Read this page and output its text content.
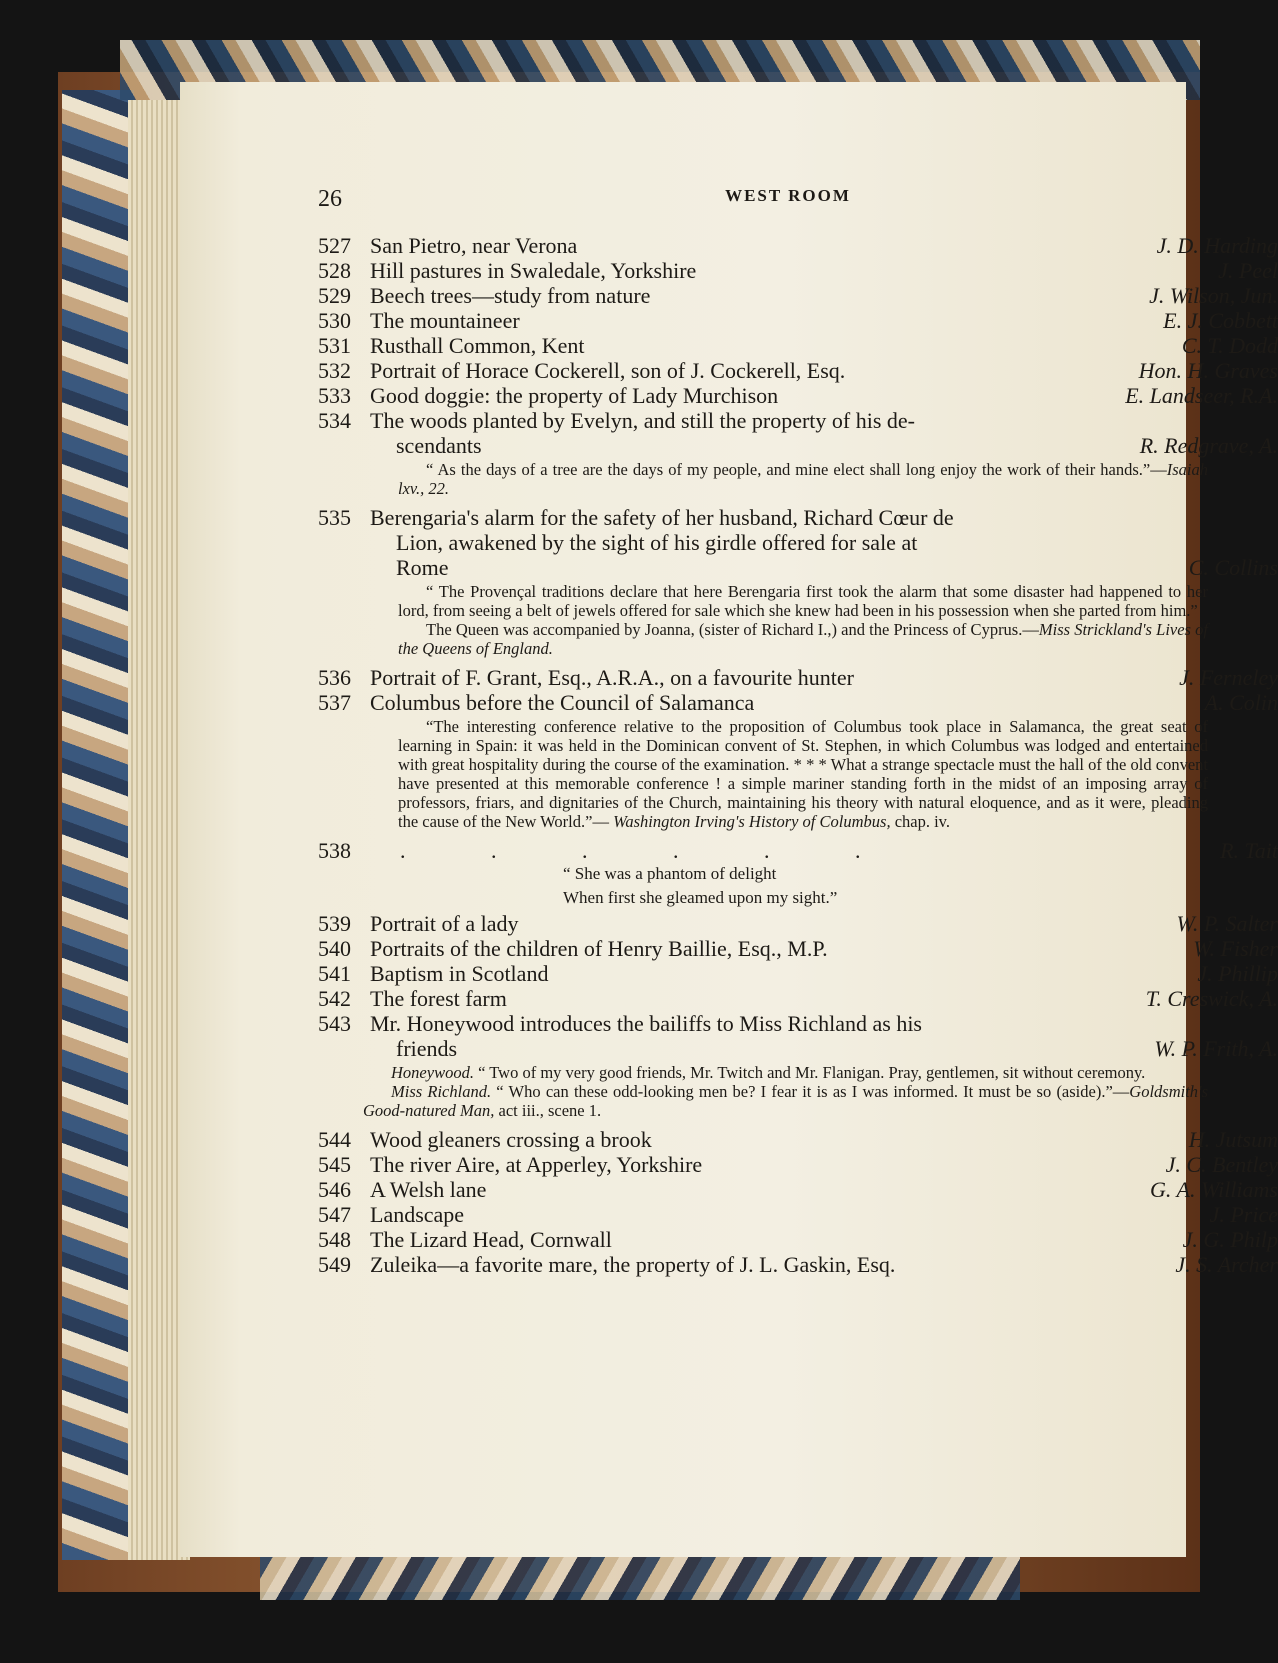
26	WEST ROOM
527 San Pietro, near Verona	J. D. Harding
528 Hill pastures in Swaledale, Yorkshire	J. Peel
529 Beech trees—study from nature	J. Wilson, Jun.
530 The mountaineer	E. J. Cobbett
531 Rusthall Common, Kent	C. T. Dodd
532 Portrait of Horace Cockerell, son of J. Cockerell, Esq.	Hon. H. Graves
533 Good doggie: the property of Lady Murchison	E. Landseer, R.A.
534 The woods planted by Evelyn, and still the property of his de-
scendants	R. Redgrave, A.

“ As the days of a tree are the days of my people, and mine elect shall long enjoy the work of their hands.”—Isaiah lxv., 22.

535 Berengaria's alarm for the safety of her husband, Richard Cœur de
Lion, awakened by the sight of his girdle offered for sale at
Rome	C. Collins

“ The Provençal traditions declare that here Berengaria first took the alarm that some disaster had happened to her lord, from seeing a belt of jewels offered for sale which she knew had been in his possession when she parted from him.”

The Queen was accompanied by Joanna, (sister of Richard I.,) and the Princess of Cyprus.—Miss Strickland's Lives of the Queens of England.

536 Portrait of F. Grant, Esq., A.R.A., on a favourite hunter	J. Ferneley
537 Columbus before the Council of Salamanca	A. Colin

“The interesting conference relative to the proposition of Columbus took place in Salamanca, the great seat of learning in Spain: it was held in the Dominican convent of St. Stephen, in which Columbus was lodged and entertained with great hospitality during the course of the examination. * * * What a strange spectacle must the hall of the old convent have presented at this memorable conference ! a simple mariner standing forth in the midst of an imposing array of professors, friars, and dignitaries of the Church, maintaining his theory with natural eloquence, and as it were, pleading the cause of the New World.”— Washington Irving's History of Columbus, chap. iv.

538 . . . . . .	R. Tait
“ She was a phantom of delight
When first she gleamed upon my sight.”
539 Portrait of a lady	W. P. Salter
540 Portraits of the children of Henry Baillie, Esq., M.P.	W. Fisher
541 Baptism in Scotland	J. Phillip
542 The forest farm	T. Creswick, A.
543 Mr. Honeywood introduces the bailiffs to Miss Richland as his
friends	W. P. Frith, A.

Honeywood. “ Two of my very good friends, Mr. Twitch and Mr. Flanigan. Pray, gentlemen, sit without ceremony.

Miss Richland. “ Who can these odd-looking men be? I fear it is as I was informed. It must be so (aside).”—Goldsmith's Good-natured Man, act iii., scene 1.

544 Wood gleaners crossing a brook	H. Jutsum
545 The river Aire, at Apperley, Yorkshire	J. C. Bentley
546 A Welsh lane	G. A. Williams
547 Landscape	J. Price
548 The Lizard Head, Cornwall	J. G. Philp
549 Zuleika—a favorite mare, the property of J. L. Gaskin, Esq.	J. S. Archer
